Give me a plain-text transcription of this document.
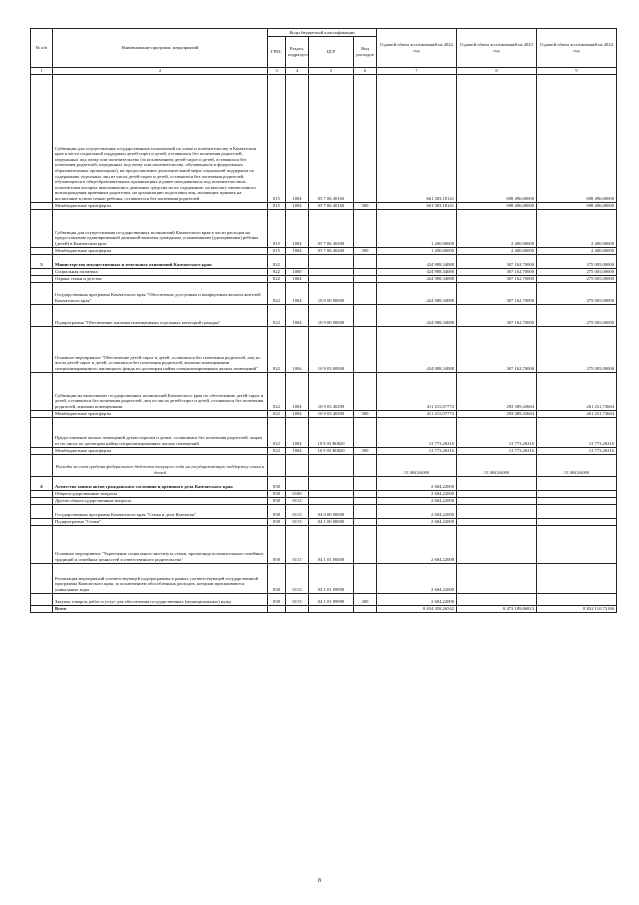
№ п/п	Наименование программ, мероприятий	Коды бюджетной классификации				Годовой объем ассигнований на 2022 год	Годовой объем ассигнований на 2023 год	Годовой объем ассигнований на 2024 год
		ГРБС	Раздел, подраздел	ЦСР	Вид расходов			
1	2	3	4	5	6	7	8	9
	Субвенции для осуществления государственных полномочий по опеке и попечительству в Камчатском крае в части социальной поддержки детей-сирот и детей, оставшихся без попечения родителей, переданных под опеку или попечительство (за исключением детей-сирот и детей, оставшихся без попечения родителей, переданных под опеку или попечительство, обучающихся в федеральных образовательных организациях), на предоставление дополнительной меры социальной поддержки по содержанию отдельных лиц из числа детей-сирот и детей, оставшихся без попечения родителей, обучающихся в общеобразовательных организациях и ранее находившихся под попечительством, попечителям которых выплачивались денежные средства на их содержание, на выплату ежемесячного вознаграждения приемным родителям, на организацию подготовки лиц, желающих принять на воспитание в свою семью ребенка, оставшегося без попечения родителей	815	1004	05 7 06 40160		661 383,18141	698 496,00000	698 496,00000
	Межбюджетные трансферты	815	1004	05 7 06 40160	500	661 383,18141	698 496,00000	698 496,00000
	Субвенция для осуществления государственных полномочий Камчатского края в части расходов на предоставление единовременной денежной выплаты гражданам, усыновившим (удочерившим) ребенка (детей) в Камчатском крае	815	1004	05 7 06 40200		1 200,00000	2 400,00000	2 400,00000
	Межбюджетные трансферты	815	1004	05 7 06 40200	500	1 200,00000	2 400,00000	2 400,00000
5	Министерство имущественных и земельных отношений Камчатского края	822				424 988,34088	307 162,70000	275 005,00000
	Социальная политика	822	1000			424 988,34088	307 162,70000	275 005,00000
	Охрана семьи и детства	822	1004			424 988,34088	307 162,70000	275 005,00000
	Государственная программа Камчатского края "Обеспечение доступным и комфортным жильем жителей Камчатского края"	822	1004	10 0 00 00000		424 988,34088	307 162,70000	275 005,00000
	Подпрограмма "Обеспечение жилыми помещениями отдельных категорий граждан"	822	1004	10 9 00 00000		424 988,34088	307 162,70000	275 005,00000
	Основное мероприятие "Обеспечение детей-сирот и детей, оставшихся без попечения родителей, лиц из числа детей-сирот и детей, оставшихся без попечения родителей, жилыми помещениями специализированного жилищного фонда по договорам найма специализированных жилых помещений"	822	1004	10 9 03 00000		424 988,34088	307 162,70000	275 005,00000
	Субвенции на выполнение государственных полномочий Камчатского края по обеспечению детей-сирот и детей, оставшихся без попечения родителей, лиц из числа детей-сирот и детей, оставшихся без попечения родителей, жилыми помещениями	822	1004	10 9 03 40290		411 215,07772	293 389,43684	261 231,73684
	Межбюджетные трансферты	822	1004	10 9 03 40290	500	411 215,07772	293 389,43684	261 231,73684
	Предоставление жилых помещений детям-сиротам и детям, оставшимся без попечения родителей, лицам из их числа по договорам найма специализированных жилых помещений	822	1004	10 9 03 R0820		13 773,26316	13 773,26316	13 773,26316
	Межбюджетные трансферты	822	1004	10 9 03 R0820	500	13 773,26316	13 773,26316	13 773,26316
	Расходы за счет средств федерального бюджета текущего года на государственную поддержку семьи и детей					13 084,60000	13 084,60000	13 084,60000
6	Агентство записи актов гражданского состояния и архивного дела Камчатского края	858				2 684,22000		
	Общегосударственные вопросы	858	0100			2 684,22000		
	Другие общегосударственные вопросы	858	0113			2 684,22000		
	Государственная программа Камчатского края "Семья и дети Камчатки"	858	0113	04 0 00 00000		2 684,22000		
	Подпрограмма "Семья"	858	0113	04 1 00 00000		2 684,22000		
	Основное мероприятие "Укрепление социального института семьи, пропаганда положительных семейных традиций и семейных ценностей и ответственного родительства"	858	0113	04 1 01 00000		2 684,22000		
	Реализация мероприятий соответствующей подпрограммы в рамках соответствующей государственной программы Камчатского края, за исключением обособленных расходов, которым присваиваются уникальные коды	858	0113	04 1 01 09990		2 684,22000		
	Закупка товаров, работ и услуг для обеспечения государственных (муниципальных) нужд	858	0113	04 1 01 09990	200	2 684,22000		
	Всего					8 654 458,26542	8 473 189,86813	8 832 110,73186
8
